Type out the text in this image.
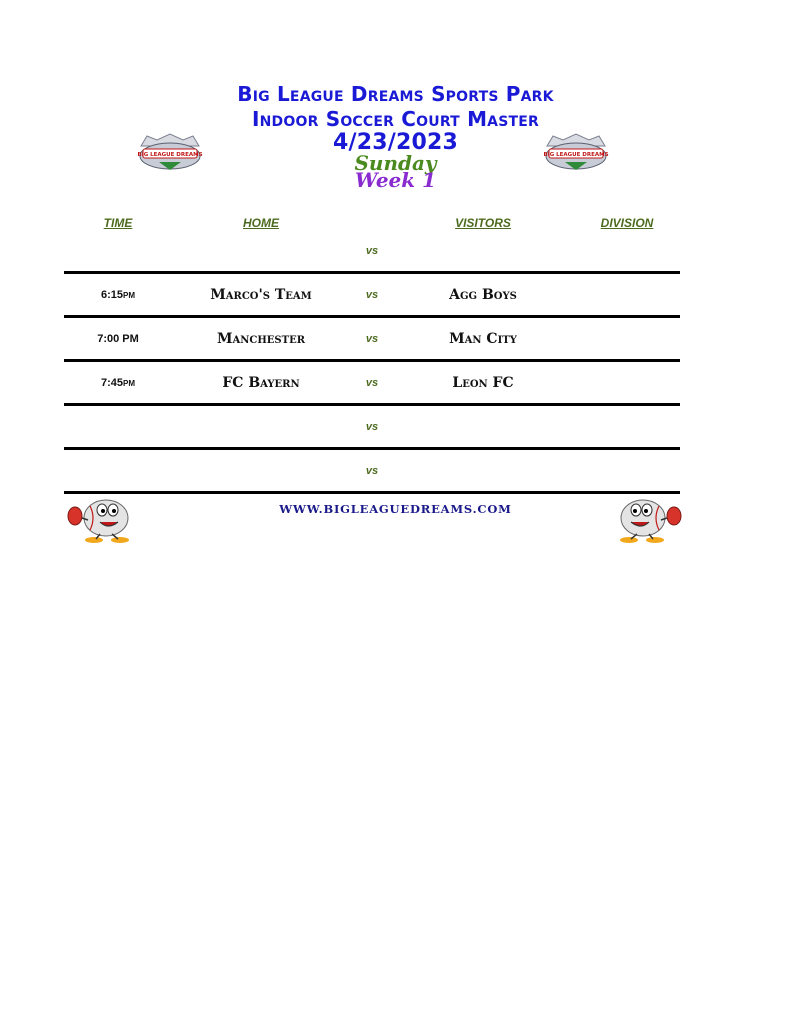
Big League Dreams Sports Park
Indoor Soccer Court Master
4/23/2023
Sunday
Week 1
BIG LEAGUE DREAMS	BIG LEAGUE DREAMS
TIME	HOME	VISITORS	DIVISION
vs
6:15pm	Marco's Team	vs	Agg Boys
7:00 PM	Manchester	vs	Man City
7:45pm	FC Bayern	vs	Leon FC
vs
vs
WWW.BIGLEAGUEDREAMS.COM
